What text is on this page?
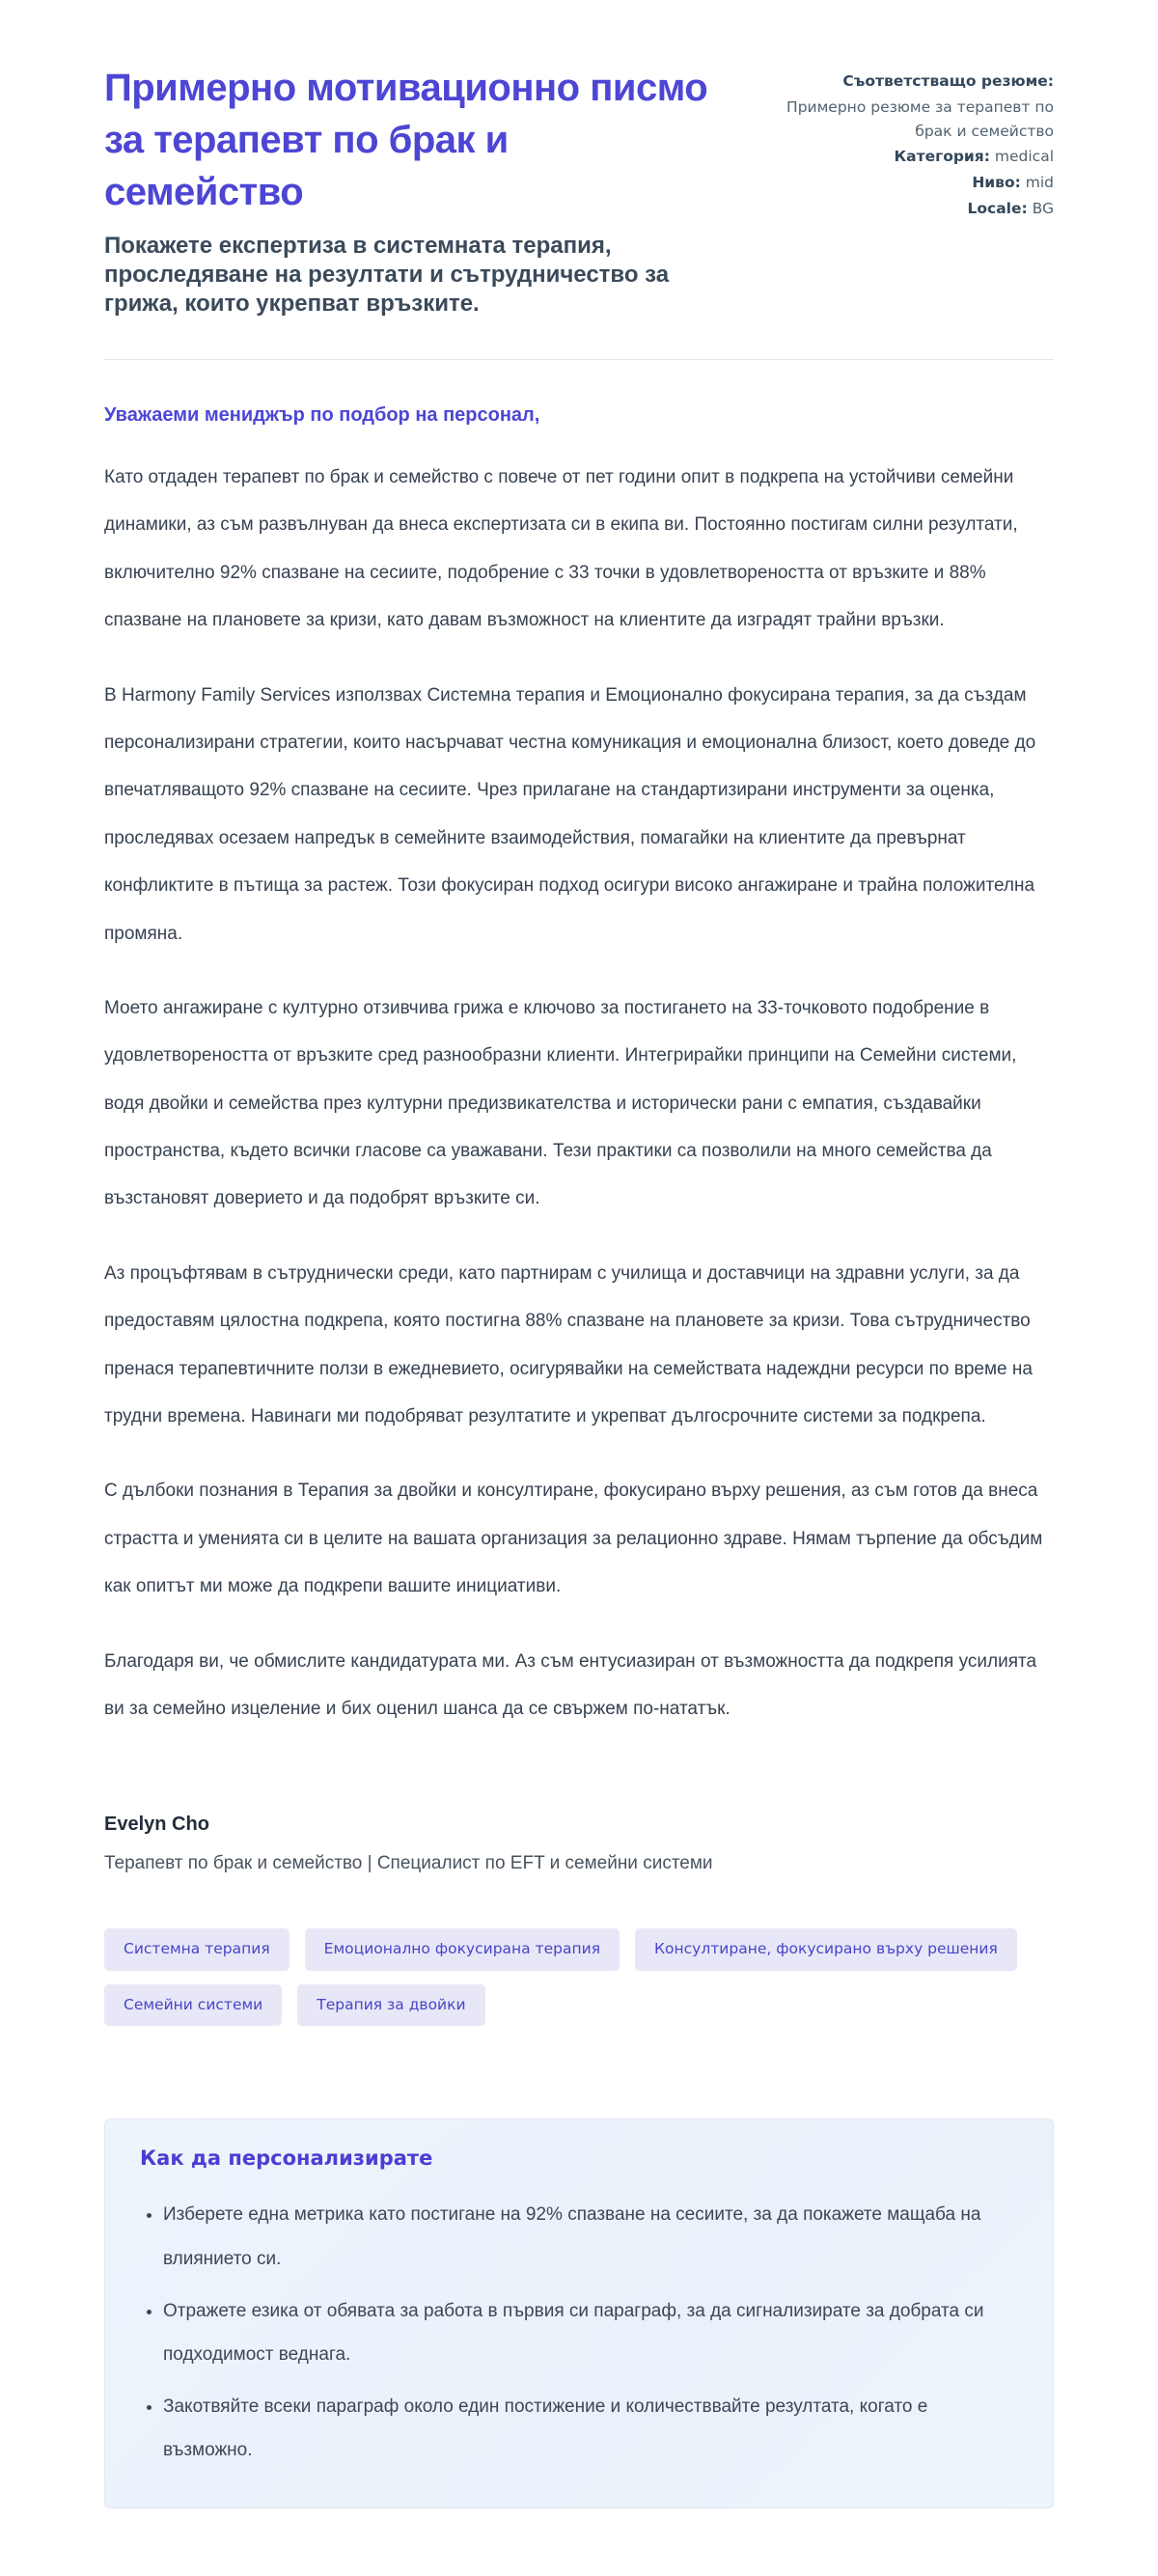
Примерно мотивационно писмо за терапевт по брак и семейство
Покажете експертиза в системната терапия, проследяване на резултати и сътрудничество за грижа, които укрепват връзките.
Съответстващо резюме:
Примерно резюме за терапевт по брак и семейство
Категория: medical
Ниво: mid
Locale: BG

Уважаеми мениджър по подбор на персонал,

Като отдаден терапевт по брак и семейство с повече от пет години опит в подкрепа на устойчиви семейни динамики, аз съм развълнуван да внеса експертизата си в екипа ви. Постоянно постигам силни резултати, включително 92% спазване на сесиите, подобрение с 33 точки в удовлетвореността от връзките и 88% спазване на плановете за кризи, като давам възможност на клиентите да изградят трайни връзки.

В Harmony Family Services използвах Системна терапия и Емоционално фокусирана терапия, за да създам персонализирани стратегии, които насърчават честна комуникация и емоционална близост, което доведе до впечатляващото 92% спазване на сесиите. Чрез прилагане на стандартизирани инструменти за оценка, проследявах осезаем напредък в семейните взаимодействия, помагайки на клиентите да превърнат конфликтите в пътища за растеж. Този фокусиран подход осигури високо ангажиране и трайна положителна промяна.

Моето ангажиране с културно отзивчива грижа е ключово за постигането на 33-точковото подобрение в удовлетвореността от връзките сред разнообразни клиенти. Интегрирайки принципи на Семейни системи, водя двойки и семейства през културни предизвикателства и исторически рани с емпатия, създавайки пространства, където всички гласове са уважавани. Тези практики са позволили на много семейства да възстановят доверието и да подобрят връзките си.

Аз процъфтявам в сътруднически среди, като партнирам с училища и доставчици на здравни услуги, за да предоставям цялостна подкрепа, която постигна 88% спазване на плановете за кризи. Това сътрудничество пренася терапевтичните ползи в ежедневието, осигурявайки на семействата надеждни ресурси по време на трудни времена. Навинаги ми подобряват резултатите и укрепват дългосрочните системи за подкрепа.

С дълбоки познания в Терапия за двойки и консултиране, фокусирано върху решения, аз съм готов да внеса страстта и уменията си в целите на вашата организация за релационно здраве. Нямам търпение да обсъдим как опитът ми може да подкрепи вашите инициативи.

Благодаря ви, че обмислите кандидатурата ми. Аз съм ентусиазиран от възможността да подкрепя усилията ви за семейно изцеление и бих оценил шанса да се свържем по-нататък.

Evelyn Cho
Терапевт по брак и семейство | Специалист по EFT и семейни системи
Системна терапия	Емоционално фокусирана терапия	Консултиране, фокусирано върху решения
Семейни системи	Терапия за двойки
Как да персонализирате
• Изберете една метрика като постигане на 92% спазване на сесиите, за да покажете мащаба на влиянието си.
• Отражете езика от обявата за работа в първия си параграф, за да сигнализирате за добрата си подходимост веднага.
• Закотвяйте всеки параграф около един постижение и количестввайте резултата, когато е възможно.
